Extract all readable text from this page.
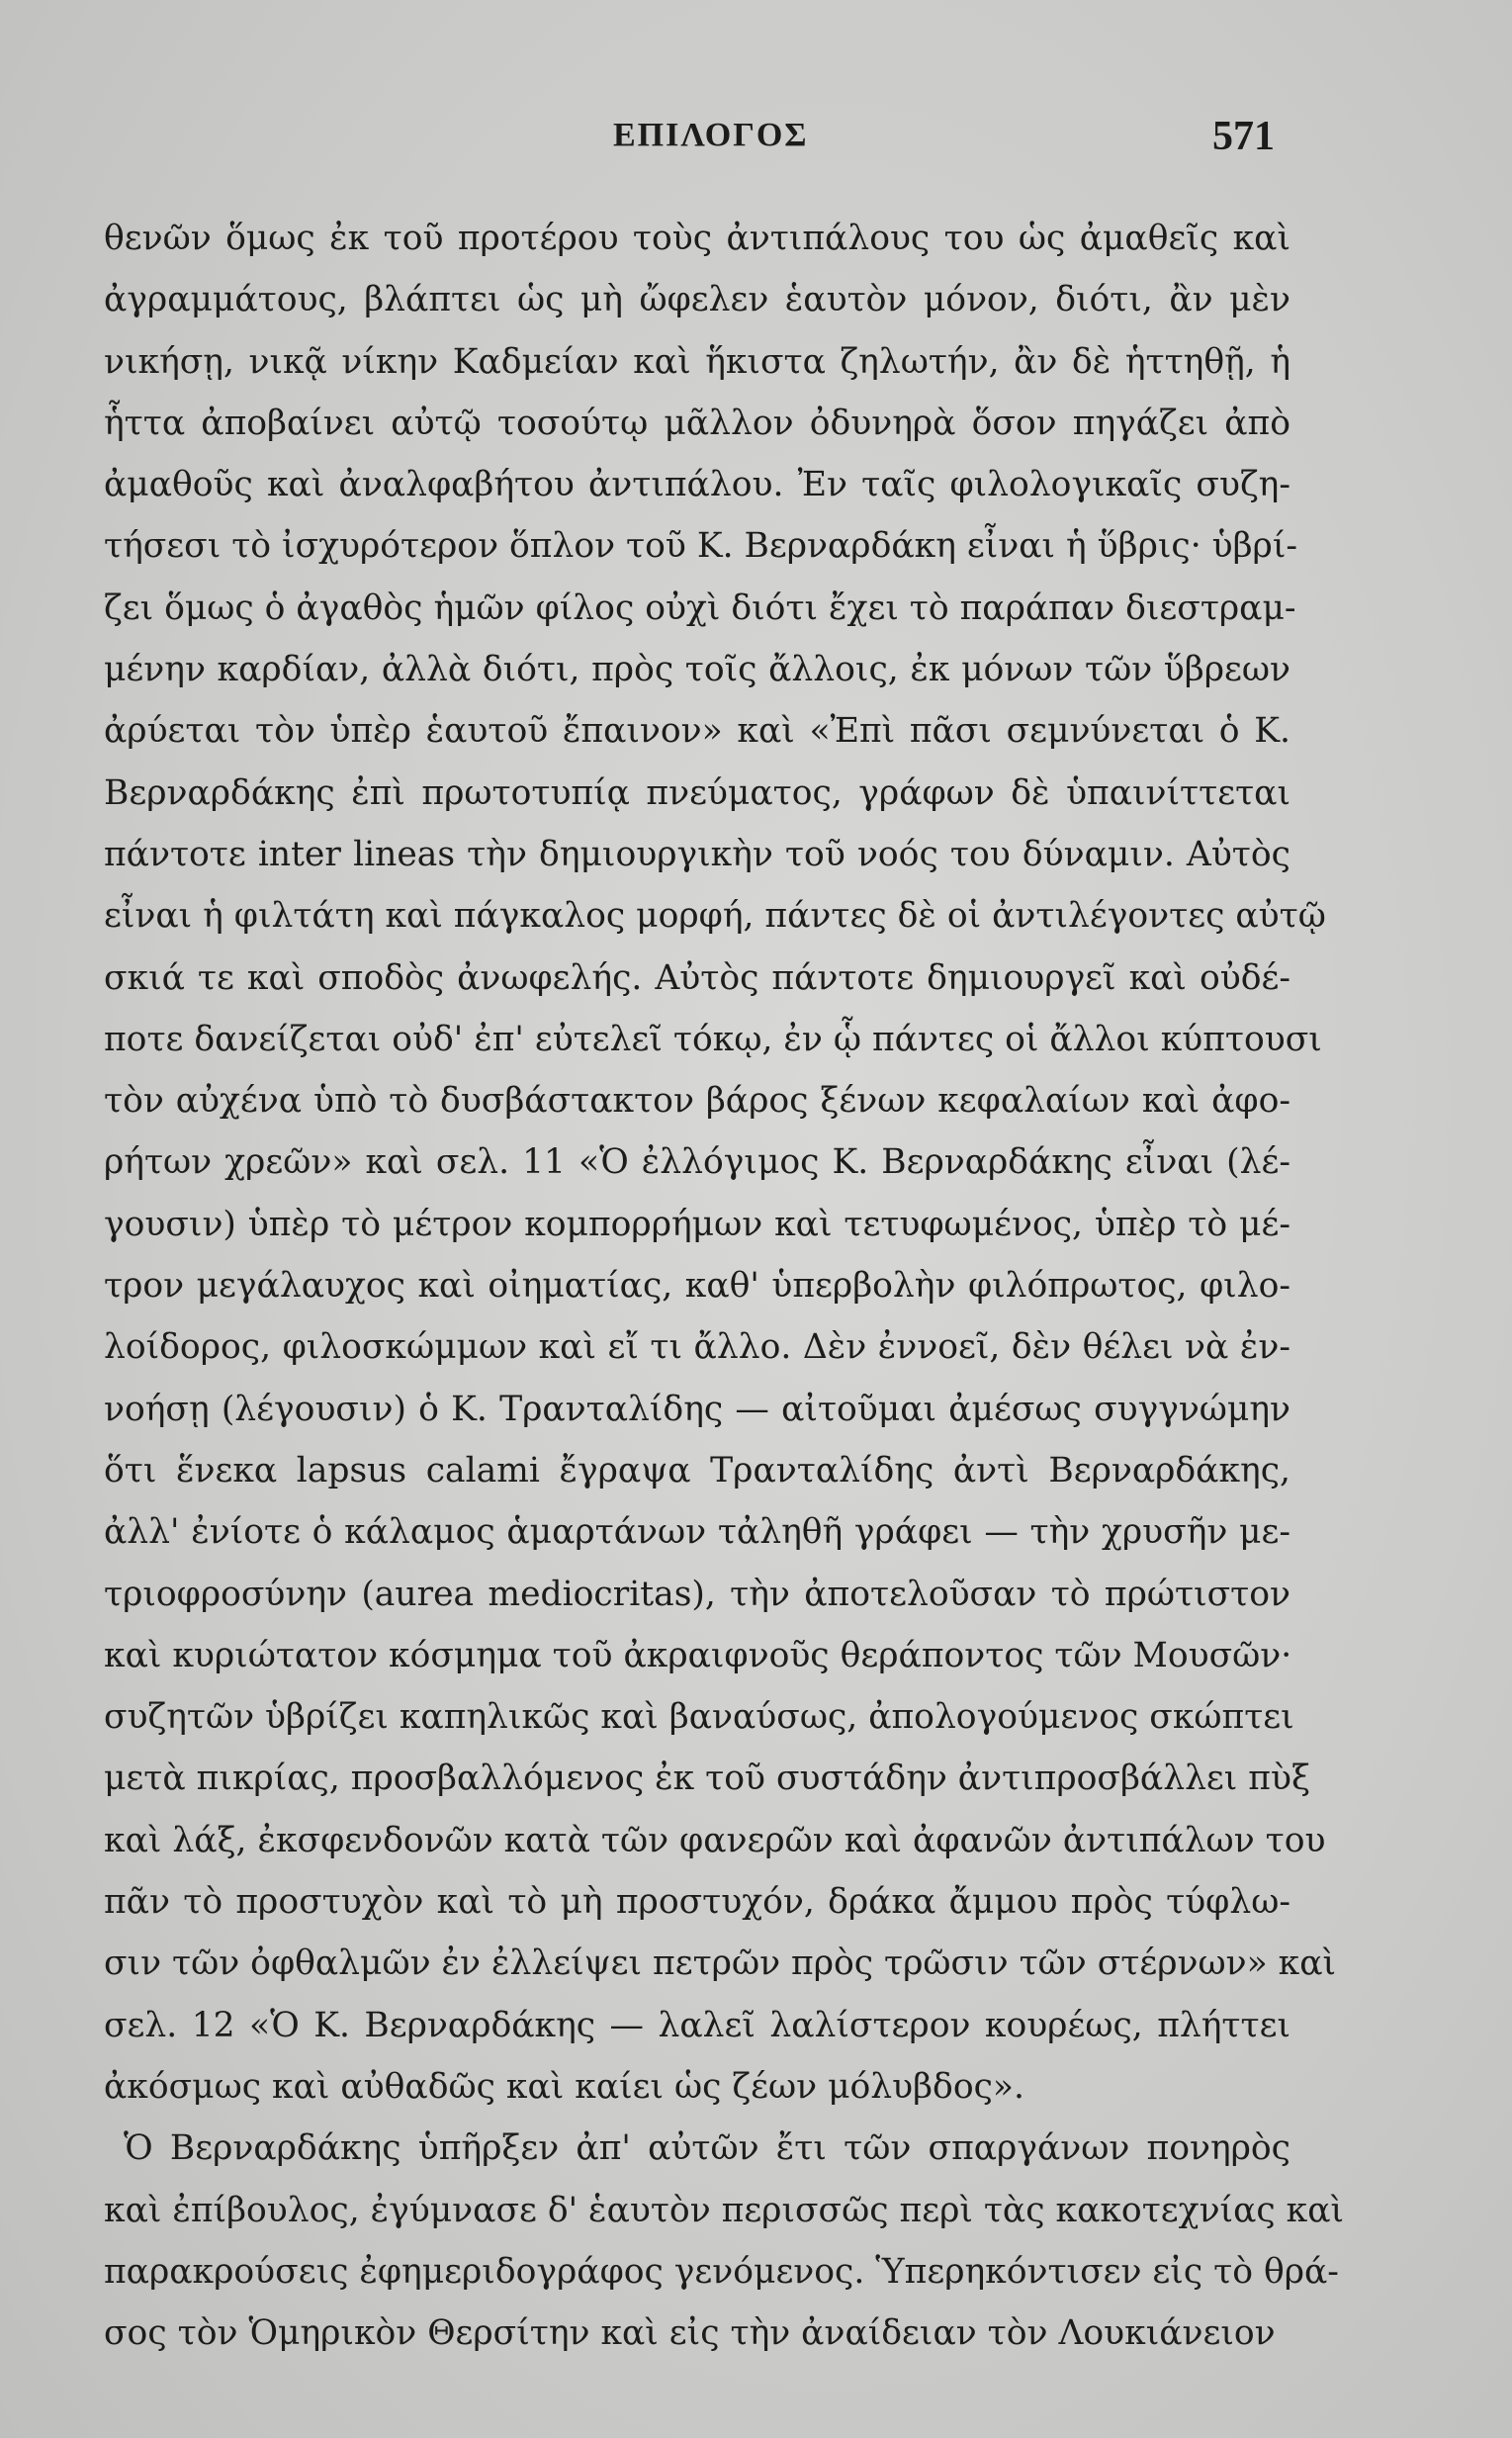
ΕΠΙΛΟΓΟΣ	571
θενῶν ὅμως ἐκ τοῦ προτέρου τοὺς ἀντιπάλους του ὡς ἀμαθεῖς καὶ
ἀγραμμάτους, βλάπτει ὡς μὴ ὤφελεν ἑαυτὸν μόνον, διότι, ἂν μὲν
νικήσῃ, νικᾷ νίκην Καδμείαν καὶ ἥκιστα ζηλωτήν, ἂν δὲ ἡττηθῇ, ἡ
ἧττα ἀποβαίνει αὐτῷ τοσούτῳ μᾶλλον ὀδυνηρὰ ὅσον πηγάζει ἀπὸ
ἀμαθοῦς καὶ ἀναλφαβήτου ἀντιπάλου. Ἐν ταῖς φιλολογικαῖς συζη-
τήσεσι τὸ ἰσχυρότερον ὅπλον τοῦ Κ. Βερναρδάκη εἶναι ἡ ὕβρις· ὑβρί-
ζει ὅμως ὁ ἀγαθὸς ἡμῶν φίλος οὐχὶ διότι ἔχει τὸ παράπαν διεστραμ-
μένην καρδίαν, ἀλλὰ διότι, πρὸς τοῖς ἄλλοις, ἐκ μόνων τῶν ὕβρεων
ἀρύεται τὸν ὑπὲρ ἑαυτοῦ ἔπαινον» καὶ «Ἐπὶ πᾶσι σεμνύνεται ὁ Κ.
Βερναρδάκης ἐπὶ πρωτοτυπίᾳ πνεύματος, γράφων δὲ ὑπαινίττεται
πάντοτε inter lineas τὴν δημιουργικὴν τοῦ νοός του δύναμιν. Αὐτὸς
εἶναι ἡ φιλτάτη καὶ πάγκαλος μορφή, πάντες δὲ οἱ ἀντιλέγοντες αὐτῷ
σκιά τε καὶ σποδὸς ἀνωφελής. Αὐτὸς πάντοτε δημιουργεῖ καὶ οὐδέ-
ποτε δανείζεται οὐδ' ἐπ' εὐτελεῖ τόκῳ, ἐν ᾧ πάντες οἱ ἄλλοι κύπτουσι
τὸν αὐχένα ὑπὸ τὸ δυσβάστακτον βάρος ξένων κεφαλαίων καὶ ἀφο-
ρήτων χρεῶν» καὶ σελ. 11 «Ὁ ἐλλόγιμος Κ. Βερναρδάκης εἶναι (λέ-
γουσιν) ὑπὲρ τὸ μέτρον κομπορρήμων καὶ τετυφωμένος, ὑπὲρ τὸ μέ-
τρον μεγάλαυχος καὶ οἰηματίας, καθ' ὑπερβολὴν φιλόπρωτος, φιλο-
λοίδορος, φιλοσκώμμων καὶ εἴ τι ἄλλο. Δὲν ἐννοεῖ, δὲν θέλει νὰ ἐν-
νοήσῃ (λέγουσιν) ὁ Κ. Τρανταλίδης — αἰτοῦμαι ἀμέσως συγγνώμην
ὅτι ἕνεκα lapsus calami ἔγραψα Τρανταλίδης ἀντὶ Βερναρδάκης,
ἀλλ' ἐνίοτε ὁ κάλαμος ἁμαρτάνων τἀληθῆ γράφει — τὴν χρυσῆν με-
τριοφροσύνην (aurea mediocritas), τὴν ἀποτελοῦσαν τὸ πρώτιστον
καὶ κυριώτατον κόσμημα τοῦ ἀκραιφνοῦς θεράποντος τῶν Μουσῶν·
συζητῶν ὑβρίζει καπηλικῶς καὶ βαναύσως, ἀπολογούμενος σκώπτει
μετὰ πικρίας, προσβαλλόμενος ἐκ τοῦ συστάδην ἀντιπροσβάλλει πὺξ
καὶ λάξ, ἐκσφενδονῶν κατὰ τῶν φανερῶν καὶ ἀφανῶν ἀντιπάλων του
πᾶν τὸ προστυχὸν καὶ τὸ μὴ προστυχόν, δράκα ἄμμου πρὸς τύφλω-
σιν τῶν ὀφθαλμῶν ἐν ἐλλείψει πετρῶν πρὸς τρῶσιν τῶν στέρνων» καὶ
σελ. 12 «Ὁ Κ. Βερναρδάκης — λαλεῖ λαλίστερον κουρέως, πλήττει
ἀκόσμως καὶ αὐθαδῶς καὶ καίει ὡς ζέων μόλυβδος».
Ὁ Βερναρδάκης ὑπῆρξεν ἀπ' αὐτῶν ἔτι τῶν σπαργάνων πονηρὸς
καὶ ἐπίβουλος, ἐγύμνασε δ' ἑαυτὸν περισσῶς περὶ τὰς κακοτεχνίας καὶ
παρακρούσεις ἐφημεριδογράφος γενόμενος. Ὑπερηκόντισεν εἰς τὸ θρά-
σος τὸν Ὁμηρικὸν Θερσίτην καὶ εἰς τὴν ἀναίδειαν τὸν Λουκιάνειον
